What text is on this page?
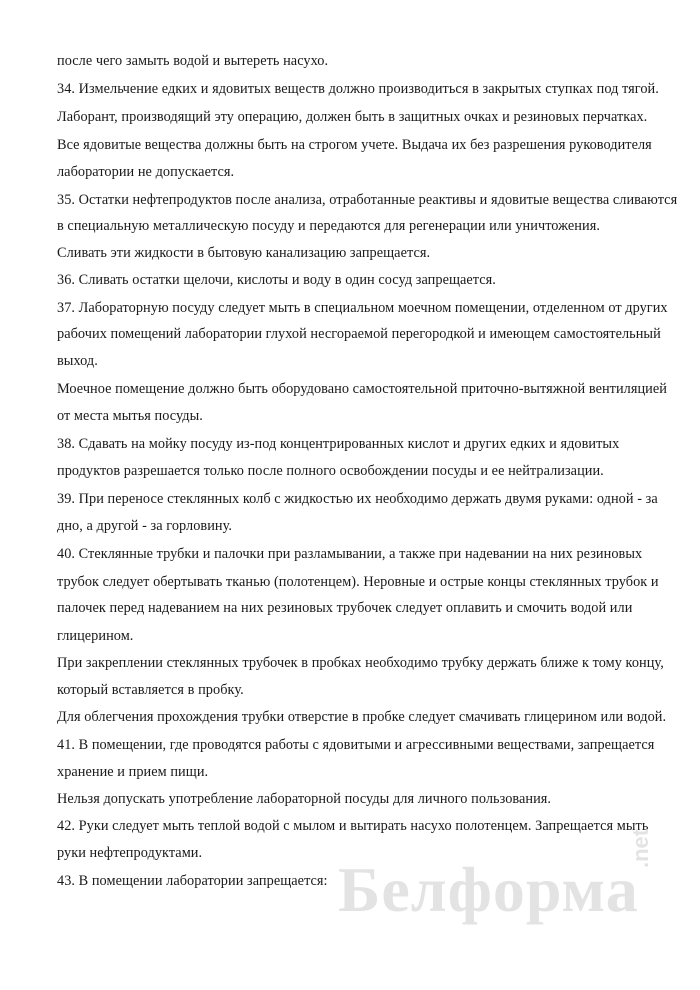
после чего замыть водой и вытереть насухо.
34. Измельчение едких и ядовитых веществ должно производиться в закрытых ступках под тягой.
Лаборант, производящий эту операцию, должен быть в защитных очках и резиновых перчатках.
Все ядовитые вещества должны быть на строгом учете. Выдача их без разрешения руководителя
лаборатории не допускается.
35. Остатки нефтепродуктов после анализа, отработанные реактивы и ядовитые вещества сливаются
в специальную металлическую посуду и передаются для регенерации или уничтожения.
Сливать эти жидкости в бытовую канализацию запрещается.
36. Сливать остатки щелочи, кислоты и воду в один сосуд запрещается.
37. Лабораторную посуду следует мыть в специальном моечном помещении, отделенном от других
рабочих помещений лаборатории глухой несгораемой перегородкой и имеющем самостоятельный
выход.
Моечное помещение должно быть оборудовано самостоятельной приточно-вытяжной вентиляцией
от места мытья посуды.
38. Сдавать на мойку посуду из-под концентрированных кислот и других едких и ядовитых
продуктов разрешается только после полного освобождении посуды и ее нейтрализации.
39. При переносе стеклянных колб с жидкостью их необходимо держать двумя руками: одной - за
дно, а другой - за горловину.
40. Стеклянные трубки и палочки при разламывании, а также при надевании на них резиновых
трубок следует обертывать тканью (полотенцем). Неровные и острые концы стеклянных трубок и
палочек перед надеванием на них резиновых трубочек следует оплавить и смочить водой или
глицерином.
При закреплении стеклянных трубочек в пробках необходимо трубку держать ближе к тому концу,
который вставляется в пробку.
Для облегчения прохождения трубки отверстие в пробке следует смачивать глицерином или водой.
41. В помещении, где проводятся работы с ядовитыми и агрессивными веществами, запрещается
хранение и прием пищи.
Нельзя допускать употребление лабораторной посуды для личного пользования.
42. Руки следует мыть теплой водой с мылом и вытирать насухо полотенцем. Запрещается мыть
руки нефтепродуктами.
43. В помещении лаборатории запрещается: Белформа
.net
